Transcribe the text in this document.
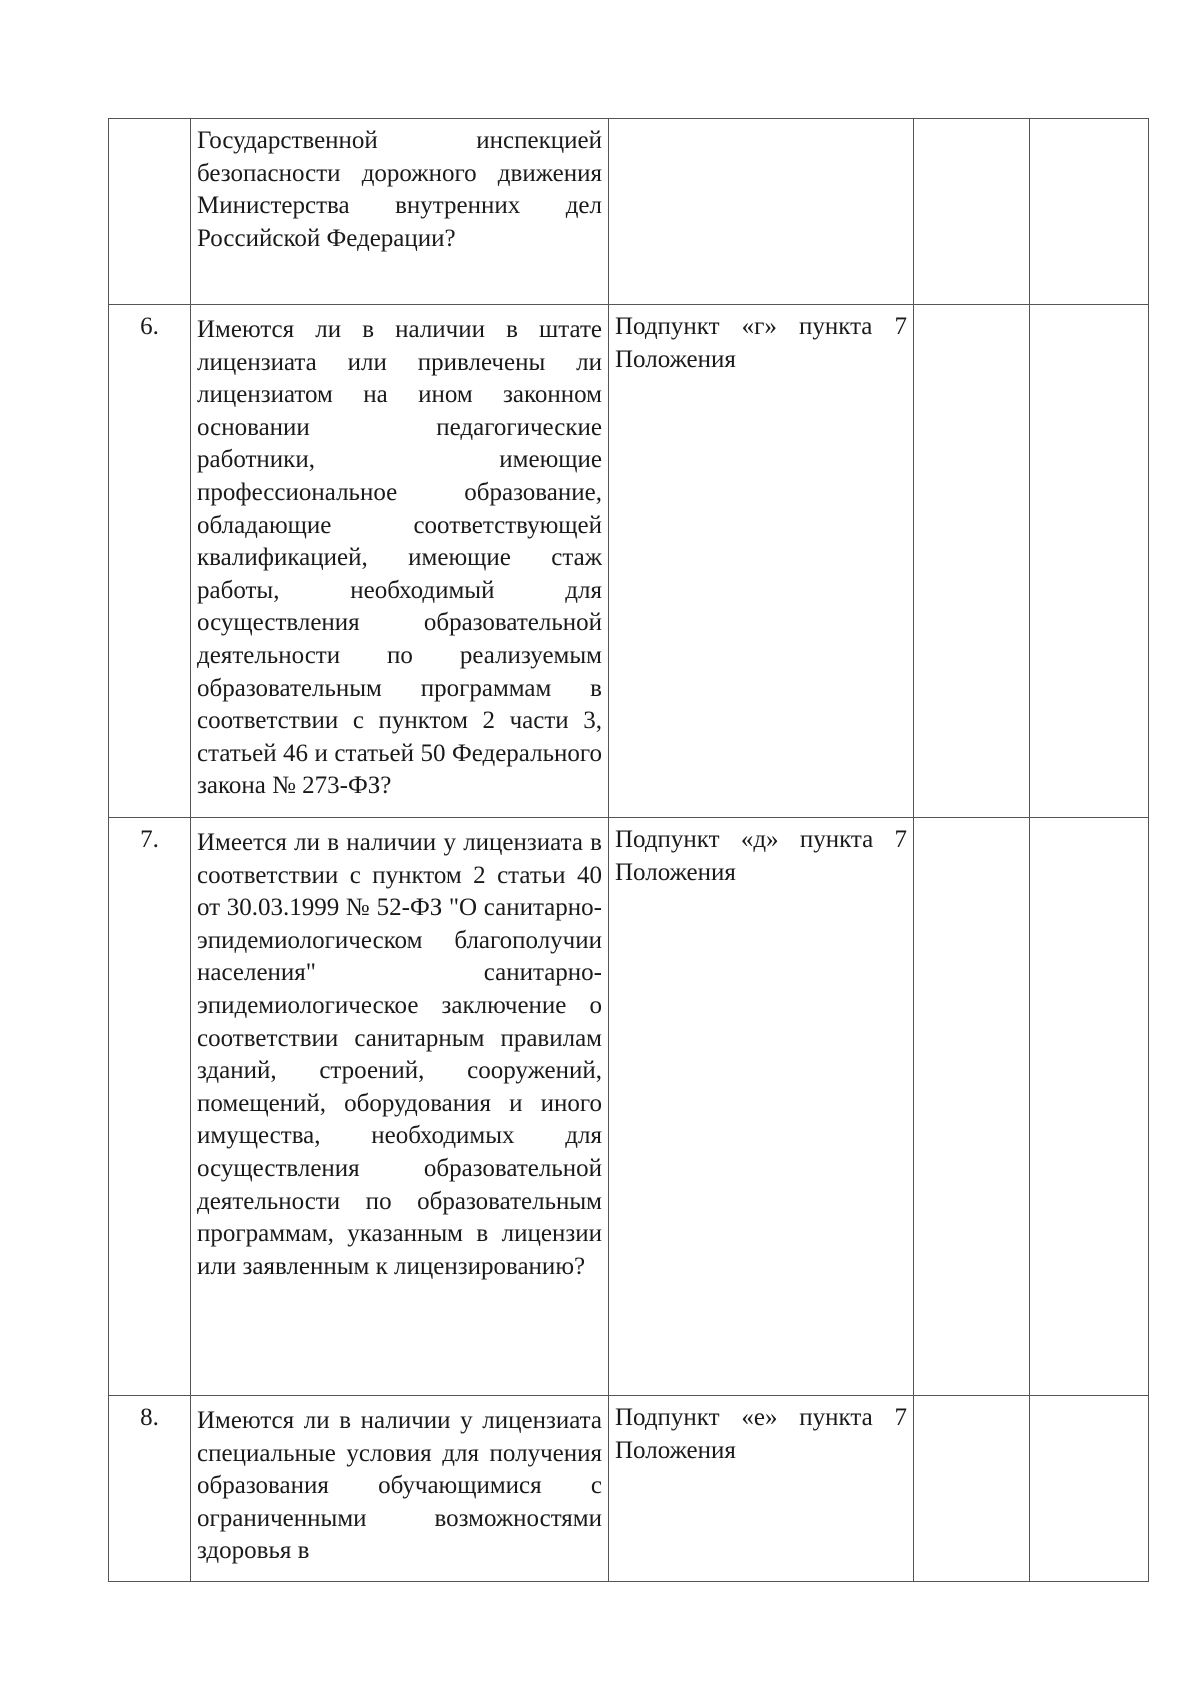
	Государственной инспекцией безопасности дорожного движения Министерства внутренних дел Российской Федерации?			
6.	Имеются ли в наличии в штате лицензиата или привлечены ли лицензиатом на ином законном основании педагогические работники, имеющие профессиональное образование, обладающие соответствующей квалификацией, имеющие стаж работы, необходимый для осуществления образовательной деятельности по реализуемым образовательным программам в соответствии с пунктом 2 части 3, статьей 46 и статьей 50 Федерального закона № 273-ФЗ?	Подпункт «г» пункта 7 Положения		
7.	Имеется ли в наличии у лицензиата в соответствии с пунктом 2 статьи 40 от 30.03.1999 № 52-ФЗ "О санитарно-эпидемиологическом благополучии населения" санитарно-эпидемиологическое заключение о соответствии санитарным правилам зданий, строений, сооружений, помещений, оборудования и иного имущества, необходимых для осуществления образовательной деятельности по образовательным программам, указанным в лицензии или заявленным к лицензированию?	Подпункт «д» пункта 7 Положения		
8.	Имеются ли в наличии у лицензиата специальные условия для получения образования обучающимися с ограниченными возможностями здоровья в	Подпункт «е» пункта 7 Положения		
